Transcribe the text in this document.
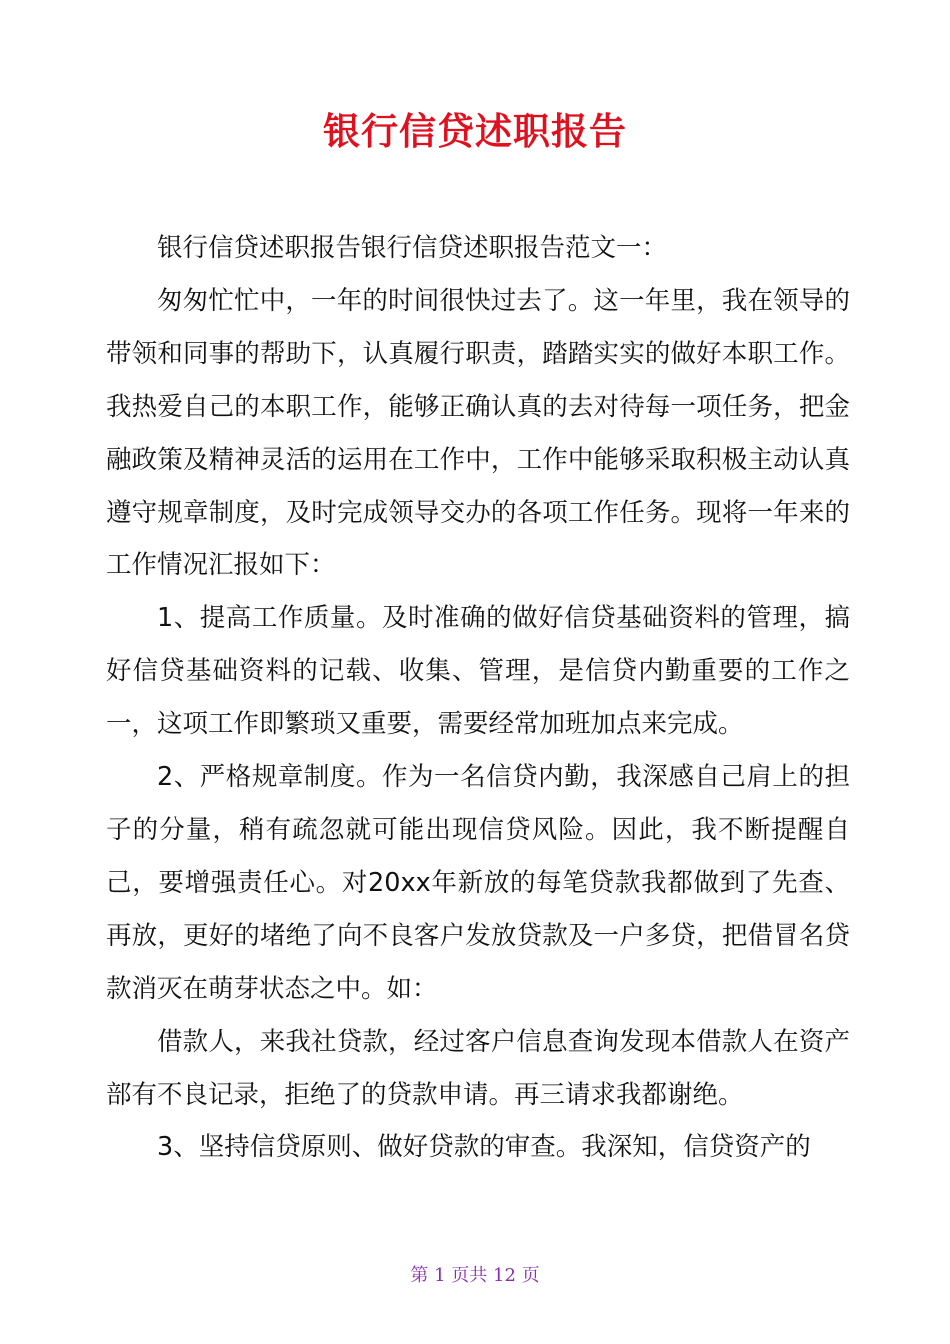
银行信贷述职报告

银行信贷述职报告银行信贷述职报告范文一：

匆匆忙忙中，一年的时间很快过去了。这一年里，我在领导的带领和同事的帮助下，认真履行职责，踏踏实实的做好本职工作。我热爱自己的本职工作，能够正确认真的去对待每一项任务，把金融政策及精神灵活的运用在工作中，工作中能够采取积极主动认真遵守规章制度，及时完成领导交办的各项工作任务。现将一年来的工作情况汇报如下：

1、提高工作质量。及时准确的做好信贷基础资料的管理，搞好信贷基础资料的记载、收集、管理，是信贷内勤重要的工作之一，这项工作即繁琐又重要，需要经常加班加点来完成。

2、严格规章制度。作为一名信贷内勤，我深感自己肩上的担子的分量，稍有疏忽就可能出现信贷风险。因此，我不断提醒自己，要增强责任心。对20xx年新放的每笔贷款我都做到了先查、再放，更好的堵绝了向不良客户发放贷款及一户多贷，把借冒名贷款消灭在萌芽状态之中。如：

借款人，来我社贷款，经过客户信息查询发现本借款人在资产部有不良记录，拒绝了的贷款申请。再三请求我都谢绝。

3、坚持信贷原则、做好贷款的审查。我深知，信贷资产的

第 1 页共 12 页
